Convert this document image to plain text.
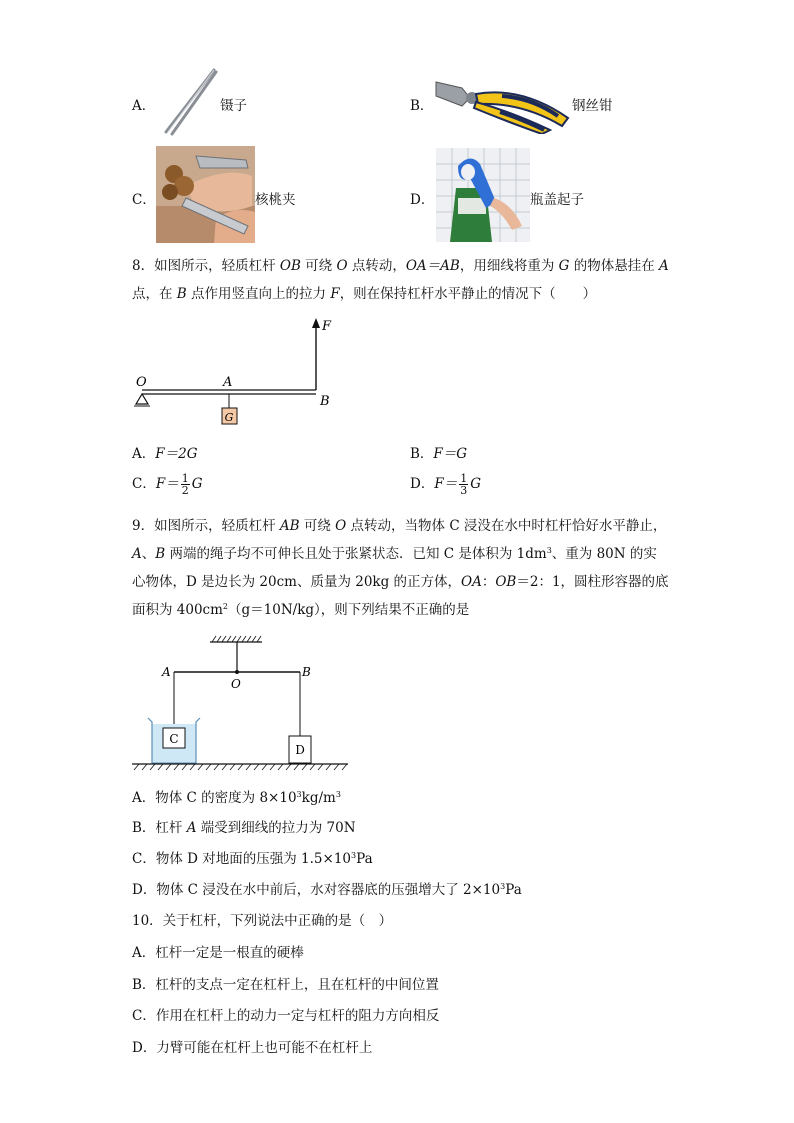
A．	镊子	B．	钢丝钳
C．	核桃夹	D．	瓶盖起子
8．如图所示，轻质杠杆 OB 可绕 O 点转动，OA＝AB，用细线将重为 G 的物体悬挂在 A
点，在 B 点作用竖直向上的拉力 F，则在保持杠杆水平静止的情况下（　　）
G
O	A
B
F
A．F＝2G	B．F＝G
C．$F= \frac{1}{2}$ G	D．$F= \frac{1}{3}$ G
9．如图所示，轻质杠杆 AB 可绕 O 点转动，当物体 C 浸没在水中时杠杆恰好水平静止，
A、B 两端的绳子均不可伸长且处于张紧状态．已知 C 是体积为 $1dm^3$、重为 80N 的实
心物体，D 是边长为 20cm、质量为 20kg 的正方体，OA：OB＝2：1，圆柱形容器的底
面积为 $400cm^2(g=10N/kg)$，则下列结果不正确的是
C
D
A	B
O
A．物体 C 的密度为 $8\times 10^3kg/m^3$
B．杠杆 A 端受到细线的拉力为 70N
C．物体 D 对地面的压强为 $1.5\times 10^3Pa$
D．物体 C 浸没在水中前后，水对容器底的压强增大了 $2\times 10^3Pa$
10．关于杠杆，下列说法中正确的是（　）
A．杠杆一定是一根直的硬棒
B．杠杆的支点一定在杠杆上，且在杠杆的中间位置
C．作用在杠杆上的动力一定与杠杆的阻力方向相反
D．力臂可能在杠杆上也可能不在杠杆上
